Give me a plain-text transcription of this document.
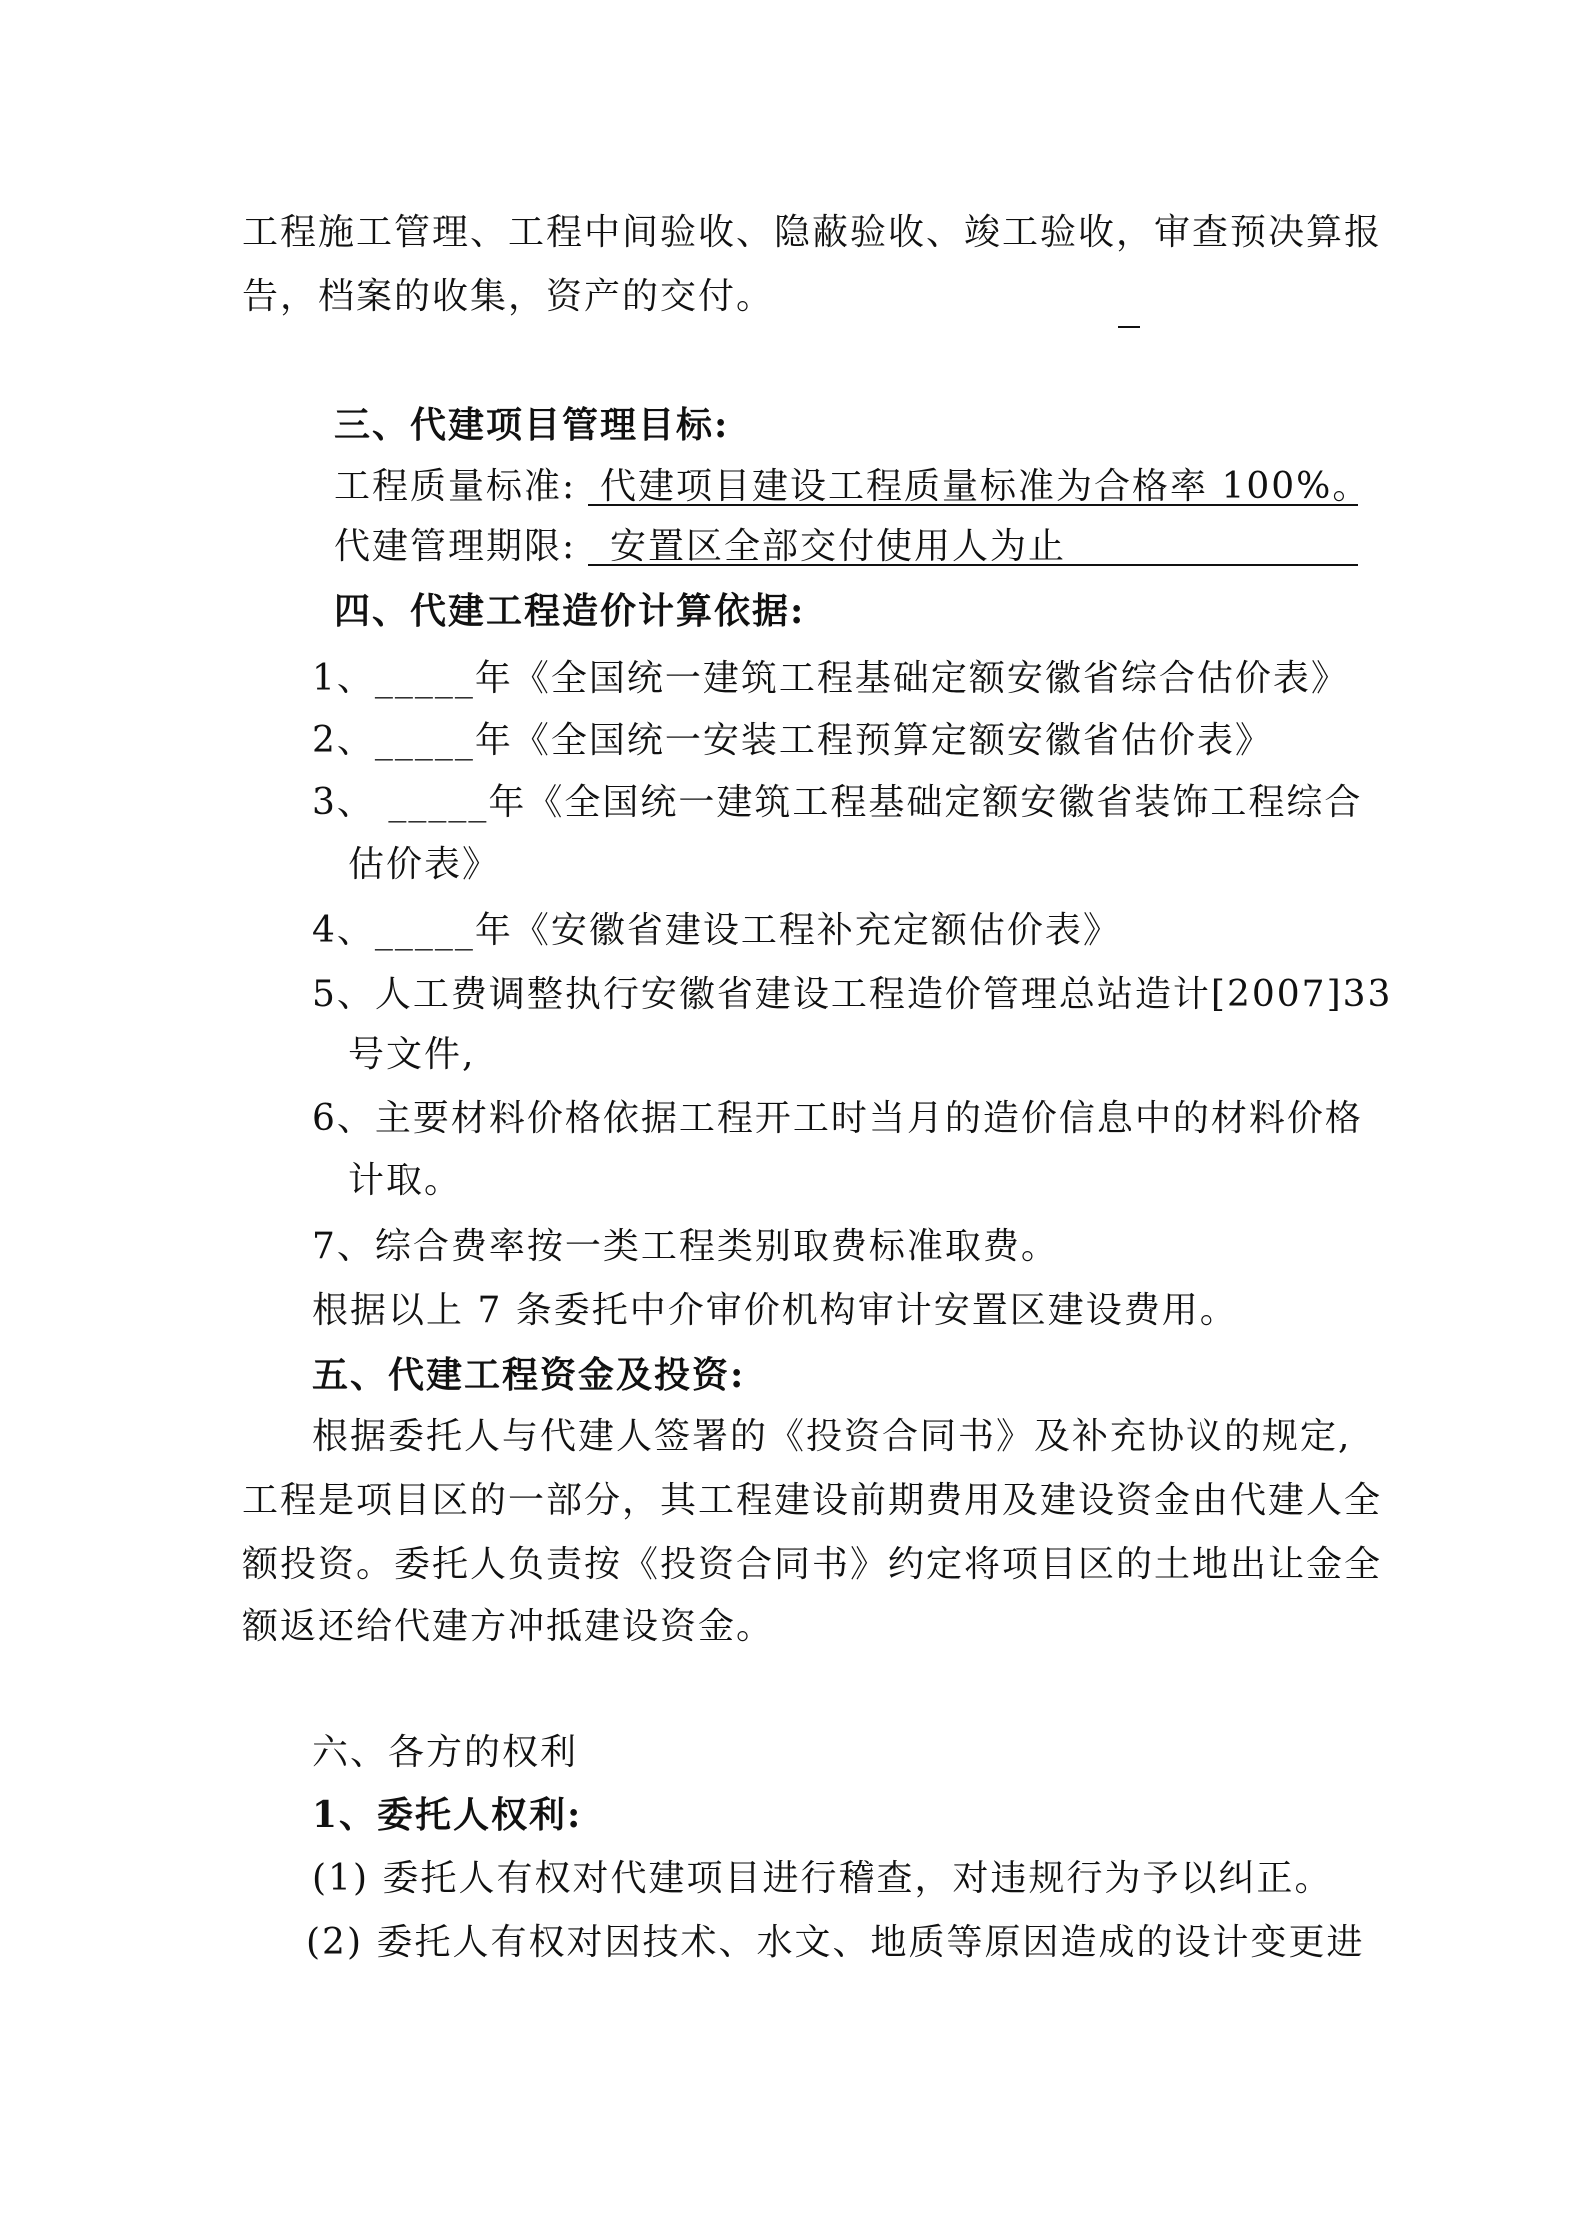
工程施工管理、工程中间验收、隐蔽验收、竣工验收，审查预决算报
告，档案的收集，资产的交付。
三、代建项目管理目标:
工程质量标准: 代建项目建设工程质量标准为合格率 100%。
代建管理期限: 安置区全部交付使用人为止
四、代建工程造价计算依据:
1、_____年《全国统一建筑工程基础定额安徽省综合估价表》
2、_____年《全国统一安装工程预算定额安徽省估价表》
3、 _____年《全国统一建筑工程基础定额安徽省装饰工程综合
估价表》
4、_____年《安徽省建设工程补充定额估价表》
5、人工费调整执行安徽省建设工程造价管理总站造计[2007]33
号文件,
6、主要材料价格依据工程开工时当月的造价信息中的材料价格
计取。
7、综合费率按一类工程类别取费标准取费。
根据以上 7 条委托中介审价机构审计安置区建设费用。
五、代建工程资金及投资:
根据委托人与代建人签署的《投资合同书》及补充协议的规定,
工程是项目区的一部分，其工程建设前期费用及建设资金由代建人全
额投资。委托人负责按《投资合同书》约定将项目区的土地出让金全
额返还给代建方冲抵建设资金。
六、各方的权利
1、委托人权利:
(1) 委托人有权对代建项目进行稽查，对违规行为予以纠正。
(2) 委托人有权对因技术、水文、地质等原因造成的设计变更进
